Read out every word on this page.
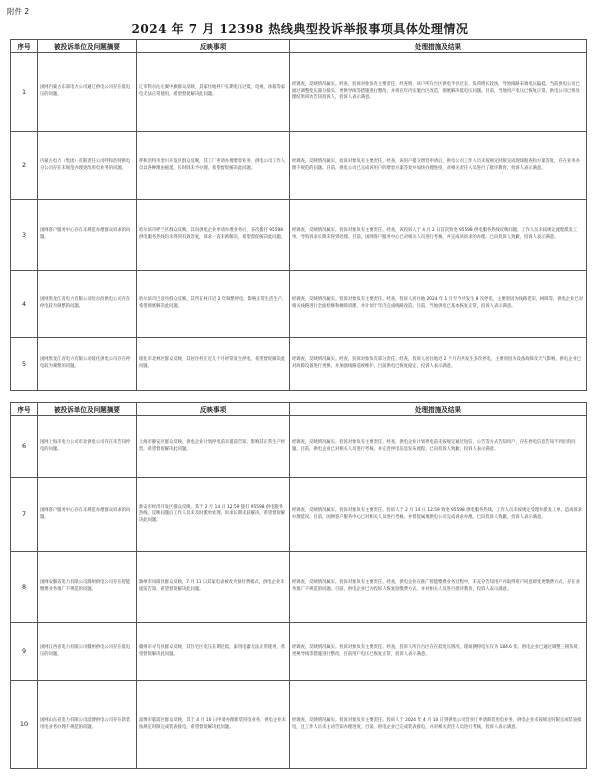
附件 2
2024 年 7 月 12398 热线典型投诉举报事项具体处理情况
序号	被投诉单位及问题摘要	反映事项	处理措施及结果
1	国网内蒙古东部电力公司通辽供电公司存在低电压的问题。	辽市科尔沁左翼中旗群众反映，其家住地村户长期电压过低，电视、冰箱等家电无法正常使用，希望督促解决此问题。	经调查，反映情况属实。经查，投诉对象负有主要责任。经查明，该户所在台区供电半径过长、负荷增长较快，导致线路末端电压偏低。当前供电公司已通过调整变压器分接头、更换导线等措施进行整改，并将在年内实施台区改造，彻底解决低电压问题。目前，当地用户电压已恢复正常。供电公司已将处理结果回访告知投诉人，投诉人表示满意。
2	内蒙古电力（集团）有限责任公司呼和浩特供电分公司存在未规范办理更改用电业务的问题。	呼和浩特市金川开发区群众反映，其工厂申请办理增容业务，供电公司工作人员以各种理由拖延，长时间未予办理，希望督促解决此问题。	经调查，反映情况属实。投诉对象负有主要责任。经查，该用户提交增容申请后，供电公司工作人员未按规定时限完成现场勘查和方案答复，存在业务办理不规范的问题。目前，供电公司已完成该用户的增容方案答复并加快办理进度，对相关责任人员进行了批评教育，投诉人表示满意。
3	国网客户服务中心存在未规范办理群众诉求的问题。	哈尔滨市呼兰区群众反映，其向供电企业申请办理业务后，多次拨打 95598 供电服务热线均未得到有效答复，诉求一直未被解决，希望督促解决此问题。	经调查，反映情况属实。投诉对象负有主要责任。经查，该投诉人于 4 月 2 日首次致电 95598 供电服务热线反映问题，工作人员未按规定流程派发工单，导致诉求长期未得到处理。目前，国网客户服务中心已对相关人员进行考核，并完成该诉求的办理。已向投诉人致歉，投诉人表示满意。
4	国网黑龙江省电力有限公司哈尔滨供电公司存在停电较为频繁的问题。	哈尔滨市巴彦县群众反映，其所在村庄近 2 年频繁停电，影响正常生活生产，希望彻底解决此问题。	经调查，反映情况属实。投诉对象负有主要责任。经查，投诉人居住地 2024 年 1 月至今共发生 8 次停电，主要原因为线路老旧、树障等。供电企业已对相关线路进行全面检修和树障清理，并计划于年内完成线路改造。目前，当地供电已基本恢复正常，投诉人表示满意。
5	国网黑龙江省电力有限公司绥化供电公司存在停电较为频繁的问题。	绥化市北林区群众反映，其居住村庄近几个月经常发生停电，希望督促解决此问题。	经调查，反映情况属实。经查，投诉对象负有部分责任。经查，投诉人居住地近 2 个月内共发生多次停电，主要原因为设备故障及天气影响。供电企业已对故障设备进行更换，并加强线路巡视维护，目前供电已恢复稳定，投诉人表示满意。
序号	被投诉单位及问题摘要	反映事项	处理措施及结果
6	国网上海市电力公司市北供电公司存在未告知停电的问题。	上海市静安区群众反映，供电企业计划停电前未提前告知，影响其正常生产经营，希望督促解决此问题。	经调查，反映情况属实。投诉对象负有主要责任。经查，供电企业计划停电前未按规定通过短信、公告等方式告知用户，存在停电信息告知不到位的问题。目前，供电企业已对相关人员进行考核，并完善停电信息发布流程。已向投诉人致歉，投诉人表示满意。
7	国网客户服务中心存在未规范办理群众诉求的问题。	淮安市经济开发区群众反映，其于 2 月 14 日 12:59 拨打 95598 供电服务热线，反映问题后工作人员未及时派单处理，诉求长期未获解决，希望督促解决此问题。	经调查，反映情况属实。投诉对象负有主要责任。投诉人于 2 月 14 日 12:59 致电 95598 供电服务热线，工作人员未按规定受理并派发工单，造成诉求办理延误。目前，国网客户服务中心已对相关人员进行考核，并督促属地供电公司完成诉求办理。已向投诉人致歉，投诉人表示满意。
8	国网安徽省电力有限公司滁州供电公司存在智能缴费业务推广不规范的问题。	滁州市凤阳县群众反映，7 月 11 日其家电表被改为预付费模式，供电企业未提前告知，希望督促解决此问题。	经调查，反映情况属实。投诉对象负有主要责任。经查，供电企业在推广智能缴费业务过程中，未充分告知用户并取得用户同意即变更缴费方式，存在业务推广不规范的问题。目前，供电企业已为投诉人恢复原缴费方式，并对相关人员进行批评教育，投诉人表示满意。
9	国网江西省电力有限公司赣州供电公司存在低电压的问题。	赣州市寻乌县群众反映，其住宅区电压长期过低，家用电器无法正常使用，希望督促解决此问题。	经调查，反映情况属实。投诉对象负有主要责任。经查，投诉人所在台区存在低电压情况，现场测得电压仅为 184.6 伏。供电企业已通过调整三相负荷、更换导线等措施进行整改，目前用户电压已恢复正常，投诉人表示满意。
10	国网山东省电力有限公司淄博供电公司存在新装用电业务办理不规范的问题。	淄博市临淄区群众反映，其于 4 月 10 日申请办理新装用电业务，供电企业未按规定时限完成装表接电，希望督促解决此问题。	经调查，反映情况属实。投诉对象负有主要责任。投诉人于 2024 年 4 月 10 日到供电公司营业厅申请新装用电业务，供电企业未按规定时限完成装表接电，且工作人员未主动告知办理进度。目前，供电企业已完成装表接电，并对相关责任人员进行考核，投诉人表示满意。
